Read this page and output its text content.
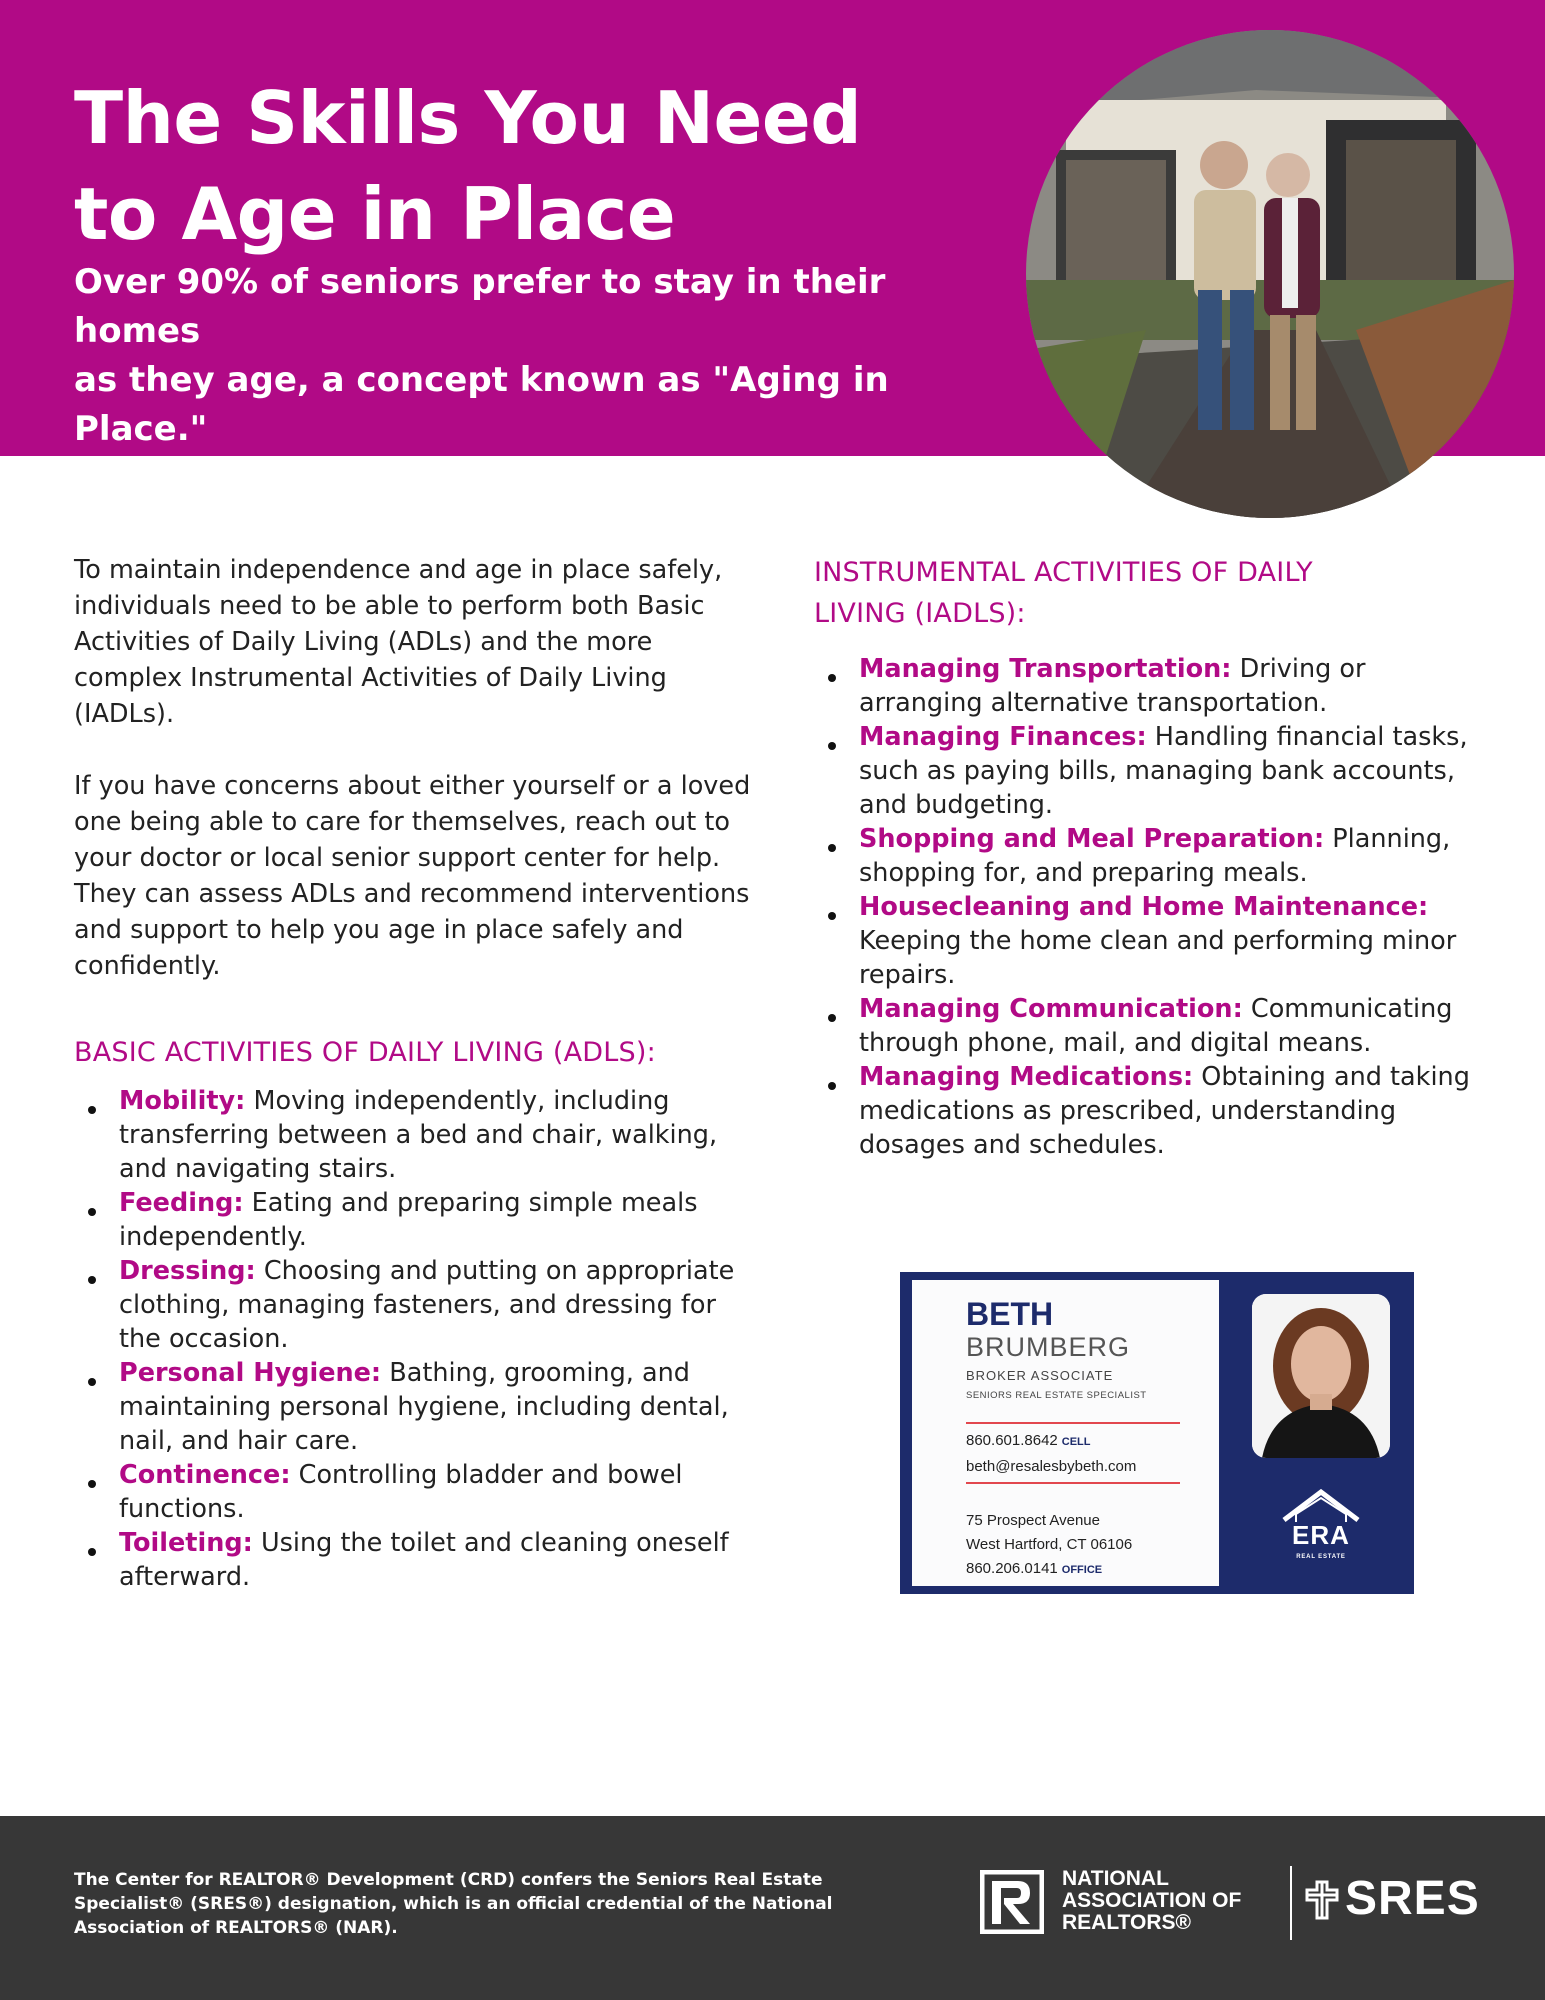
The Skills You Need
to Age in Place

Over 90% of seniors prefer to stay in their homes
as they age, a concept known as "Aging in Place."

To maintain independence and age in place safely, individuals need to be able to perform both Basic Activities of Daily Living (ADLs) and the more complex Instrumental Activities of Daily Living (IADLs).

If you have concerns about either yourself or a loved one being able to care for themselves, reach out to your doctor or local senior support center for help. They can assess ADLs and recommend interventions and support to help you age in place safely and confidently.

BASIC ACTIVITIES OF DAILY LIVING (ADLS):
Mobility: Moving independently, including transferring between a bed and chair, walking, and navigating stairs.
Feeding: Eating and preparing simple meals independently.
Dressing: Choosing and putting on appropriate clothing, managing fasteners, and dressing for the occasion.
Personal Hygiene: Bathing, grooming, and maintaining personal hygiene, including dental, nail, and hair care.
Continence: Controlling bladder and bowel functions.
Toileting: Using the toilet and cleaning oneself afterward.
INSTRUMENTAL ACTIVITIES OF DAILY
LIVING (IADLS):
Managing Transportation: Driving or arranging alternative transportation.
Managing Finances: Handling financial tasks, such as paying bills, managing bank accounts, and budgeting.
Shopping and Meal Preparation: Planning, shopping for, and preparing meals.
Housecleaning and Home Maintenance: Keeping the home clean and performing minor repairs.
Managing Communication: Communicating through phone, mail, and digital means.
Managing Medications: Obtaining and taking medications as prescribed, understanding dosages and schedules.
BETH
BRUMBERG
BROKER ASSOCIATE
SENIORS REAL ESTATE SPECIALIST
860.601.8642 CELL
beth@resalesbybeth.com
75 Prospect Avenue
West Hartford, CT 06106
860.206.0141 OFFICE
ERA
REAL ESTATE

The Center for REALTOR® Development (CRD) confers the Seniors Real Estate Specialist® (SRES®) designation, which is an official credential of the National Association of REALTORS® (NAR).

NATIONAL
ASSOCIATION OF
REALTORS®	SRES
